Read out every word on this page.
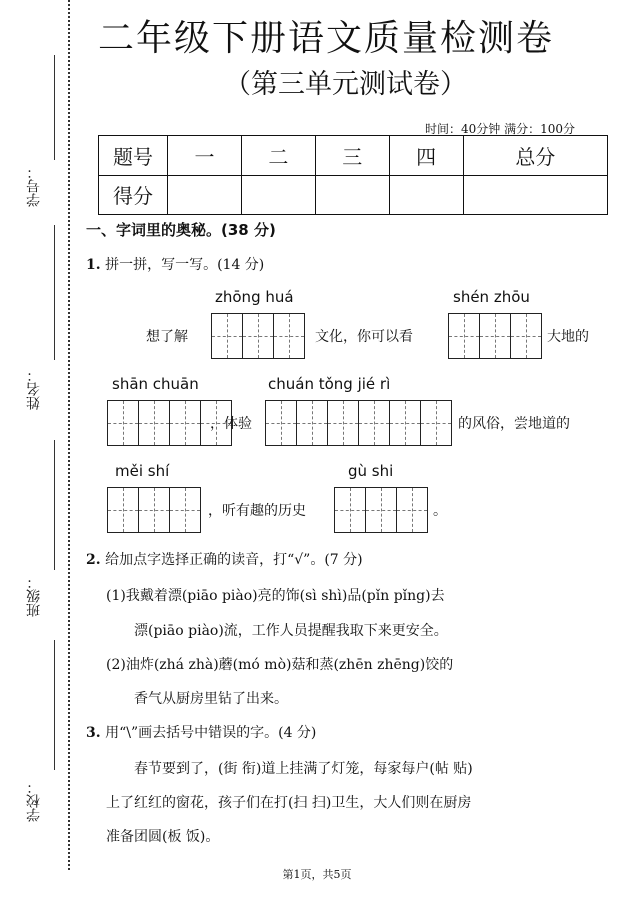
学号：
姓名：
班级：
学校：
二年级下册语文质量检测卷
（第三单元测试卷）
时间：40分钟 满分：100分
题号	一	二	三	四	总分
得分					
一、字词里的奥秘。(38 分)
1. 拼一拼，写一写。(14 分)
zhōng huá	shén zhōu
想了解	文化，你可以看	大地的
shān chuān	chuán tǒng jié rì
，体验	的风俗，尝地道的
měi shí	gù shi
，听有趣的历史	。
2. 给加点字选择正确的读音，打“√”。(7 分)
(1)我戴着漂(piāo piào)亮的饰(sì shì)品(pǐn pǐng)去
漂(piāo piào)流，工作人员提醒我取下来更安全。
(2)油炸(zhá zhà)蘑(mó mò)菇和蒸(zhēn zhēng)饺的
香气从厨房里钻了出来。
3. 用“\”画去括号中错误的字。(4 分)
春节要到了，(街 衔)道上挂满了灯笼，每家每户(帖 贴)
上了红红的窗花，孩子们在打(扫 扫)卫生，大人们则在厨房
准备团圆(板 饭)。
第1页，共5页
